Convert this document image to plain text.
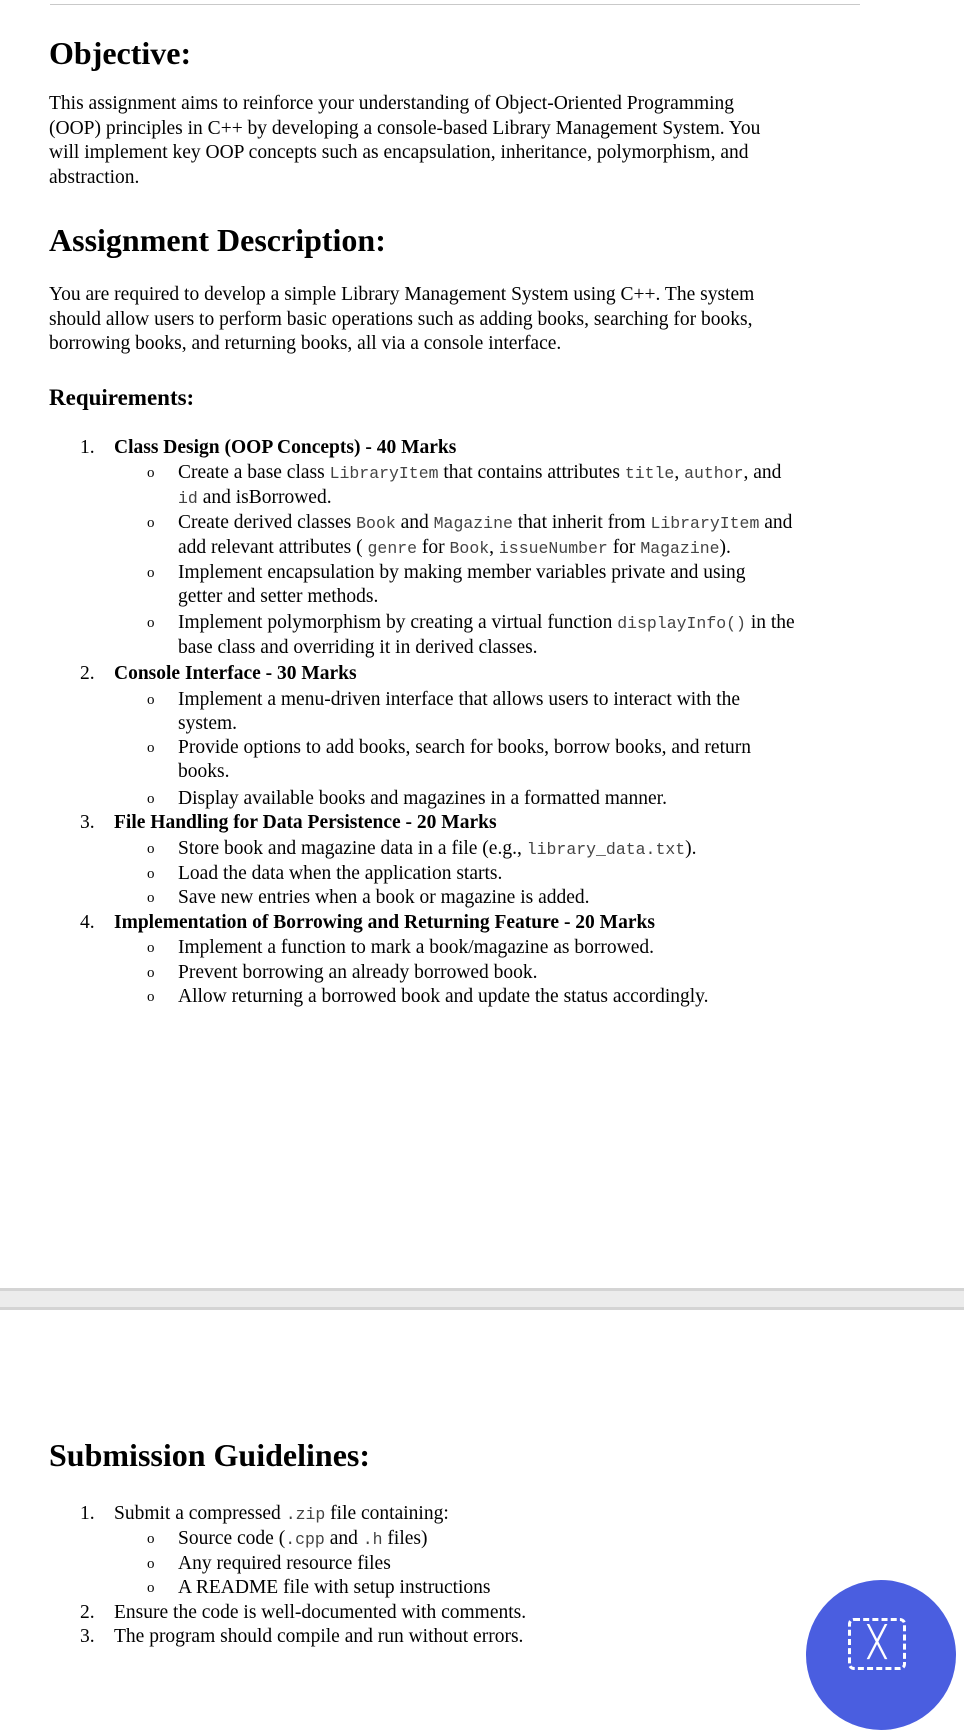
Objective:
This assignment aims to reinforce your understanding of Object-Oriented Programming
(OOP) principles in C++ by developing a console-based Library Management System. You
will implement key OOP concepts such as encapsulation, inheritance, polymorphism, and
abstraction.
Assignment Description:
You are required to develop a simple Library Management System using C++. The system
should allow users to perform basic operations such as adding books, searching for books,
borrowing books, and returning books, all via a console interface.
Requirements:
1. Class Design (OOP Concepts) - 40 Marks
o Create a base class LibraryItem that contains attributes title, author, and
id and isBorrowed.
o Create derived classes Book and Magazine that inherit from LibraryItem and
add relevant attributes ( genre for Book, issueNumber for Magazine).
o Implement encapsulation by making member variables private and using
getter and setter methods.
o Implement polymorphism by creating a virtual function displayInfo() in the
base class and overriding it in derived classes.
2. Console Interface - 30 Marks
o Implement a menu-driven interface that allows users to interact with the
system.
o Provide options to add books, search for books, borrow books, and return
books.
o Display available books and magazines in a formatted manner.
3. File Handling for Data Persistence - 20 Marks
o Store book and magazine data in a file (e.g., library_data.txt).
o Load the data when the application starts.
o Save new entries when a book or magazine is added.
4. Implementation of Borrowing and Returning Feature - 20 Marks
o Implement a function to mark a book/magazine as borrowed.
o Prevent borrowing an already borrowed book.
o Allow returning a borrowed book and update the status accordingly.
Submission Guidelines:
1. Submit a compressed .zip file containing:
o Source code (.cpp and .h files)
o Any required resource files
o A README file with setup instructions
2. Ensure the code is well-documented with comments.
3. The program should compile and run without errors.	╳
